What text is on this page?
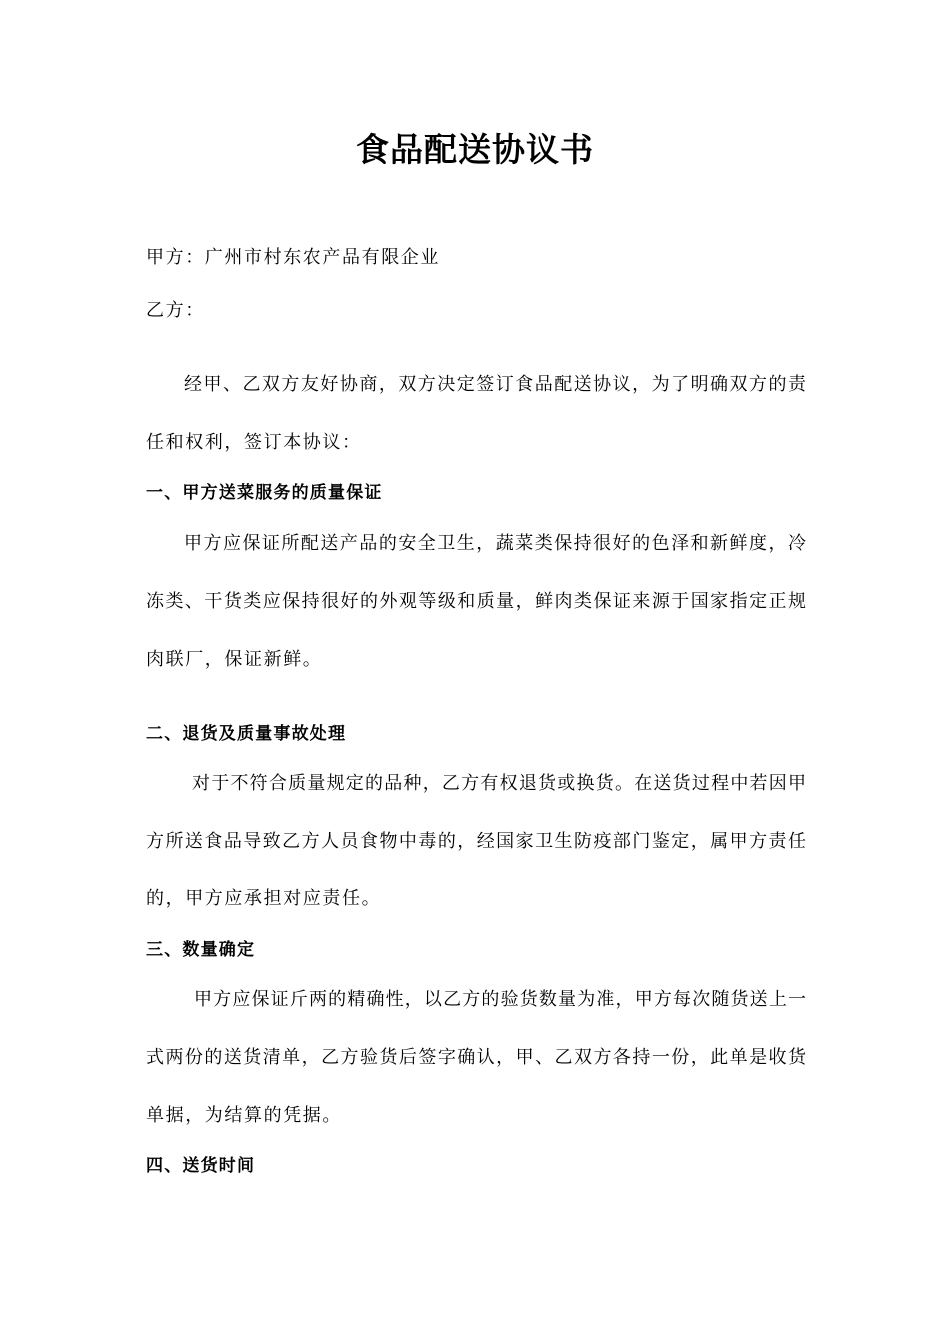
食品配送协议书
甲方：广州市村东农产品有限企业
乙方：
经甲、乙双方友好协商，双方决定签订食品配送协议，为了明确双方的责
任和权利，签订本协议：
一、甲方送菜服务的质量保证
甲方应保证所配送产品的安全卫生，蔬菜类保持很好的色泽和新鲜度，冷
冻类、干货类应保持很好的外观等级和质量，鲜肉类保证来源于国家指定正规
肉联厂，保证新鲜。
二、退货及质量事故处理
对于不符合质量规定的品种，乙方有权退货或换货。在送货过程中若因甲
方所送食品导致乙方人员食物中毒的，经国家卫生防疫部门鉴定，属甲方责任
的，甲方应承担对应责任。
三、数量确定
甲方应保证斤两的精确性，以乙方的验货数量为准，甲方每次随货送上一
式两份的送货清单，乙方验货后签字确认，甲、乙双方各持一份，此单是收货
单据，为结算的凭据。
四、送货时间
